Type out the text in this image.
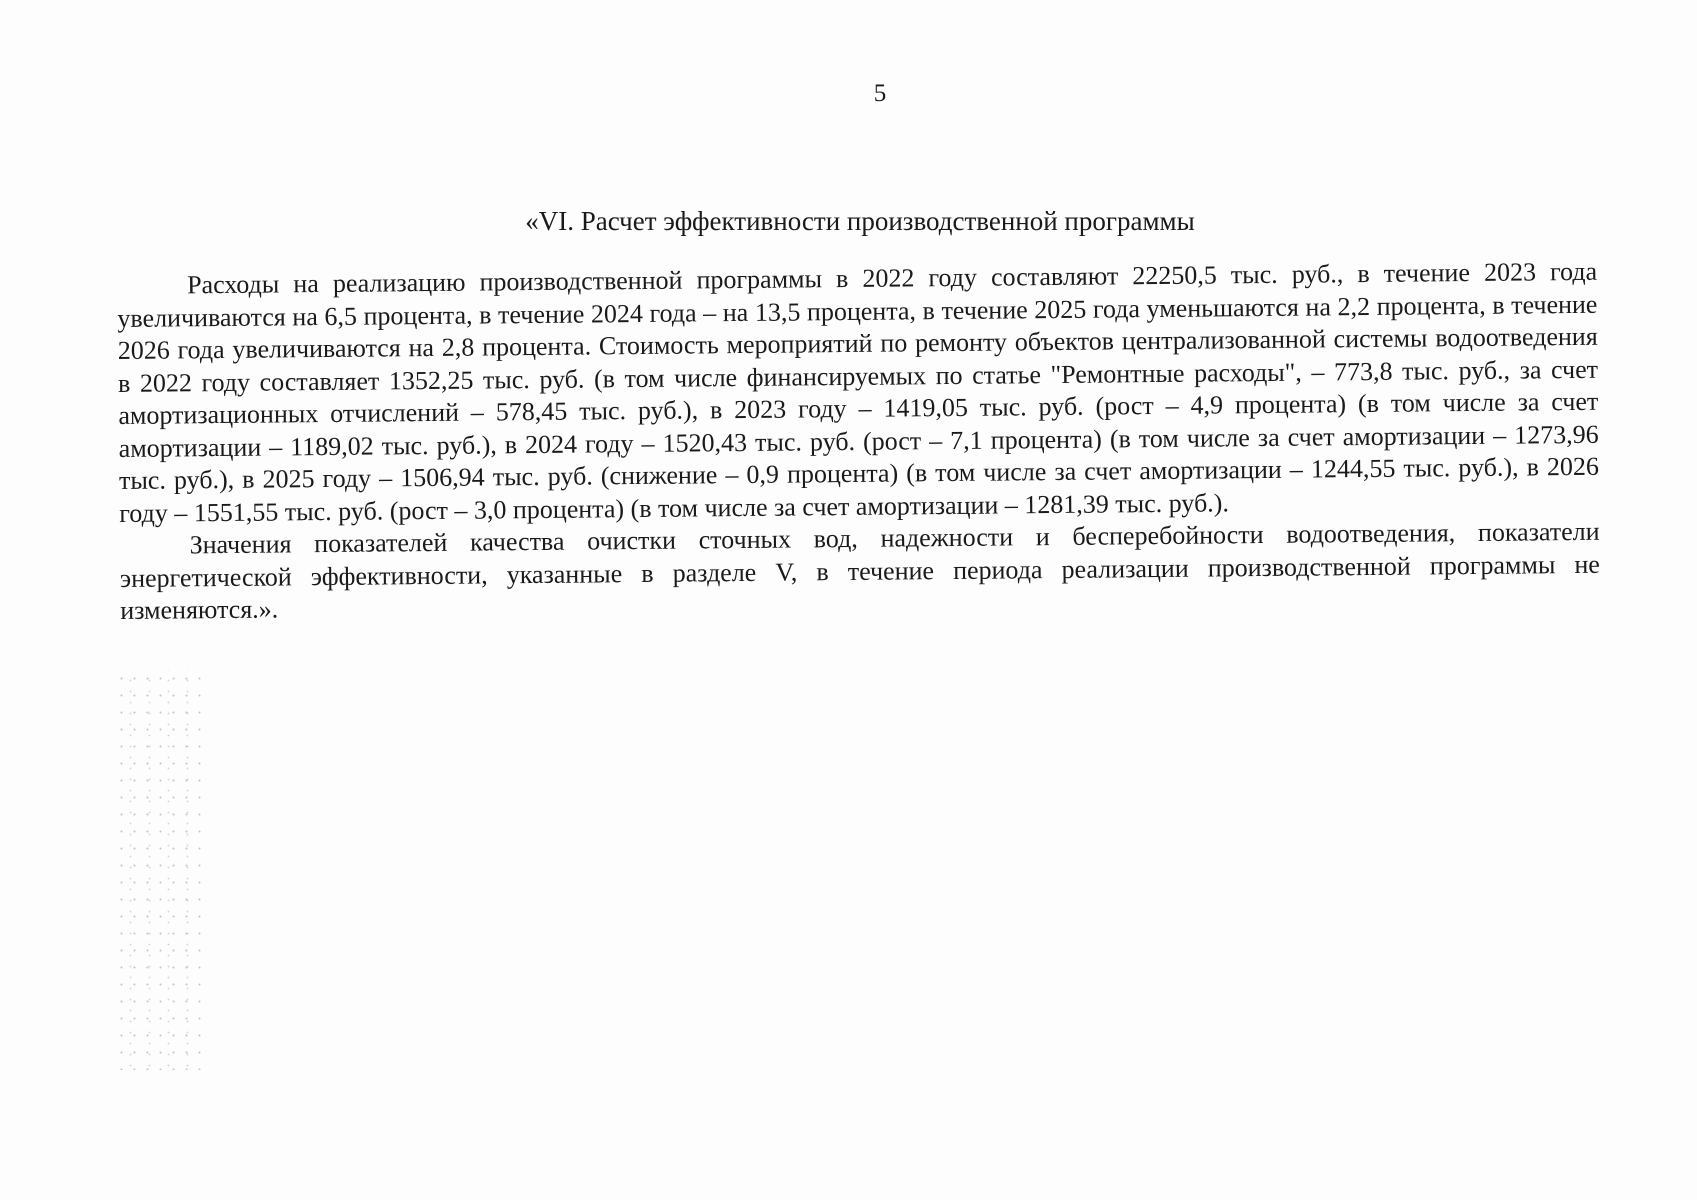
5

«VI. Расчет эффективности производственной программы

Расходы на реализацию производственной программы в 2022 году составляют 22250,5 тыс. руб., в течение 2023 года увеличиваются на 6,5 процента, в течение 2024 года – на 13,5 процента, в течение 2025 года уменьшаются на 2,2 процента, в течение 2026 года увеличиваются на 2,8 процента. Стоимость мероприятий по ремонту объектов централизованной системы водоотведения в 2022 году составляет 1352,25 тыс. руб. (в том числе финансируемых по статье "Ремонтные расходы", – 773,8 тыс. руб., за счет амортизационных отчислений – 578,45 тыс. руб.), в 2023 году – 1419,05 тыс. руб. (рост – 4,9 процента) (в том числе за счет амортизации – 1189,02 тыс. руб.), в 2024 году – 1520,43 тыс. руб. (рост – 7,1 процента) (в том числе за счет амортизации – 1273,96 тыс. руб.), в 2025 году – 1506,94 тыс. руб. (снижение – 0,9 процента) (в том числе за счет амортизации – 1244,55 тыс. руб.), в 2026 году – 1551,55 тыс. руб. (рост – 3,0 процента) (в том числе за счет амортизации – 1281,39 тыс. руб.).

Значения показателей качества очистки сточных вод, надежности и бесперебойности водоотведения, показатели энергетической эффективности, указанные в разделе V, в течение периода реализации производственной программы не изменяются.».
